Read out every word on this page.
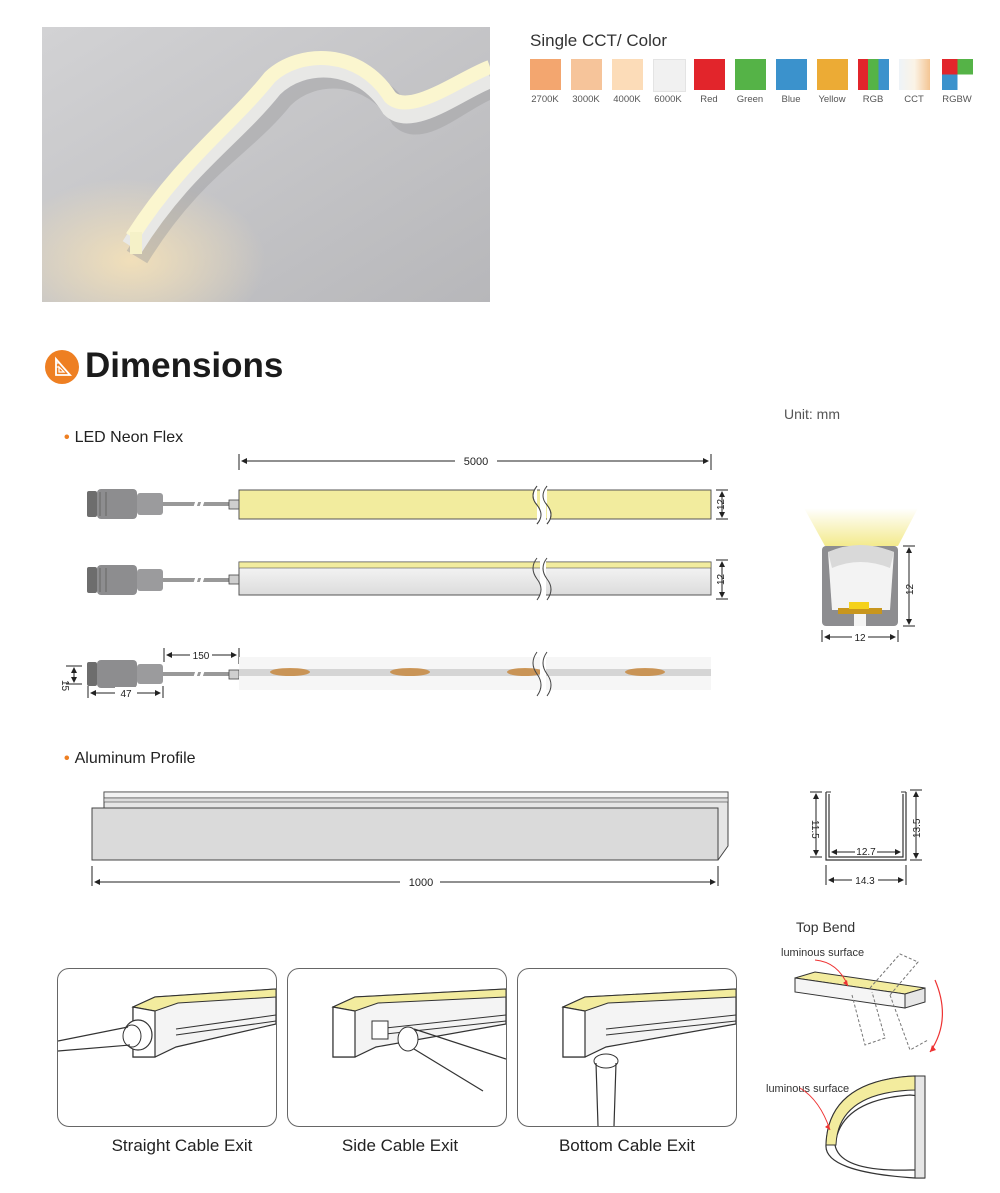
Single CCT/ Color
2700K	3000K	4000K	6000K	Red	Green	Blue	Yellow	RGB	CCT	RGBW
Dimensions
Unit: mm
• LED Neon Flex
• Aluminum Profile
5000
12
12
150
15
47
12
12
1000
11.5	13.5
12.7
14.3
Straight Cable Exit	Side Cable Exit	Bottom Cable Exit
Top Bend
luminous surface
luminous surface
